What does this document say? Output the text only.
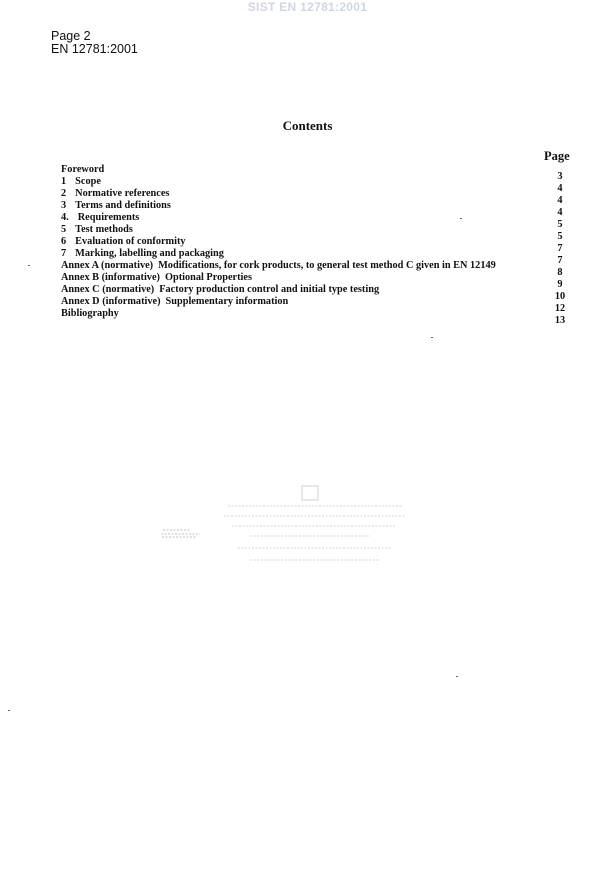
SIST EN 12781:2001
Page 2
EN 12781:2001
Contents
Page
Foreword
1 Scope
2 Normative references
3 Terms and definitions
4. Requirements
5 Test methods
6 Evaluation of conformity
7 Marking, labelling and packaging
Annex A (normative) Modifications, for cork products, to general test method C given in EN 12149
Annex B (informative) Optional Properties
Annex C (normative) Factory production control and initial type testing
Annex D (informative) Supplementary information
Bibliography
3
4
4
4
5
5
7
7
8
9
10
12
13
